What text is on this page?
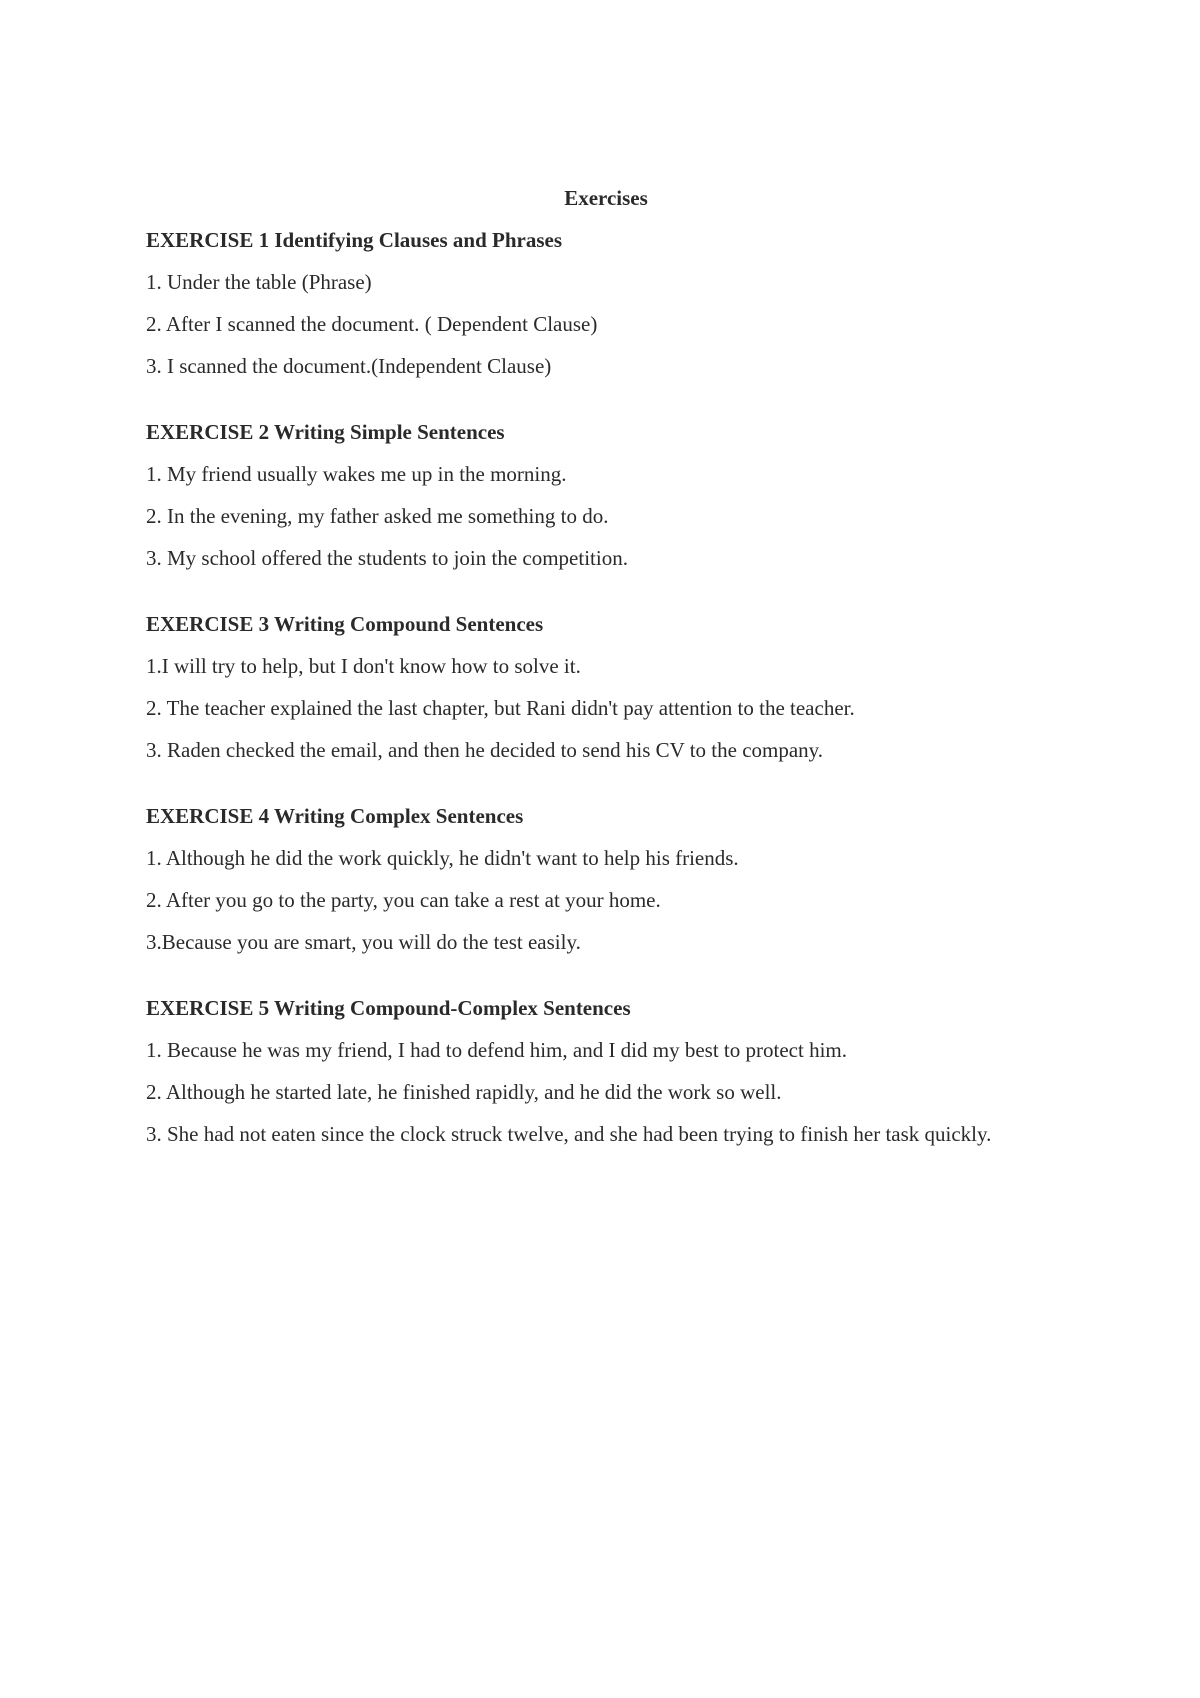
Exercises
EXERCISE 1 Identifying Clauses and Phrases
1. Under the table (Phrase)
2. After I scanned the document. ( Dependent Clause)
3. I scanned the document.(Independent Clause)
EXERCISE 2 Writing Simple Sentences
1. My friend usually wakes me up in the morning.
2. In the evening, my father asked me something to do.
3. My school offered the students to join the competition.
EXERCISE 3 Writing Compound Sentences
1.I will try to help, but I don't know how to solve it.
2. The teacher explained the last chapter, but Rani didn't pay attention to the teacher.
3. Raden checked the email, and then he decided to send his CV to the company.
EXERCISE 4 Writing Complex Sentences
1. Although he did the work quickly, he didn't want to help his friends.
2. After you go to the party, you can take a rest at your home.
3.Because you are smart, you will do the test easily.
EXERCISE 5 Writing Compound-Complex Sentences
1. Because he was my friend, I had to defend him, and I did my best to protect him.
2. Although he started late, he finished rapidly, and he did the work so well.
3. She had not eaten since the clock struck twelve, and she had been trying to finish her task quickly.
